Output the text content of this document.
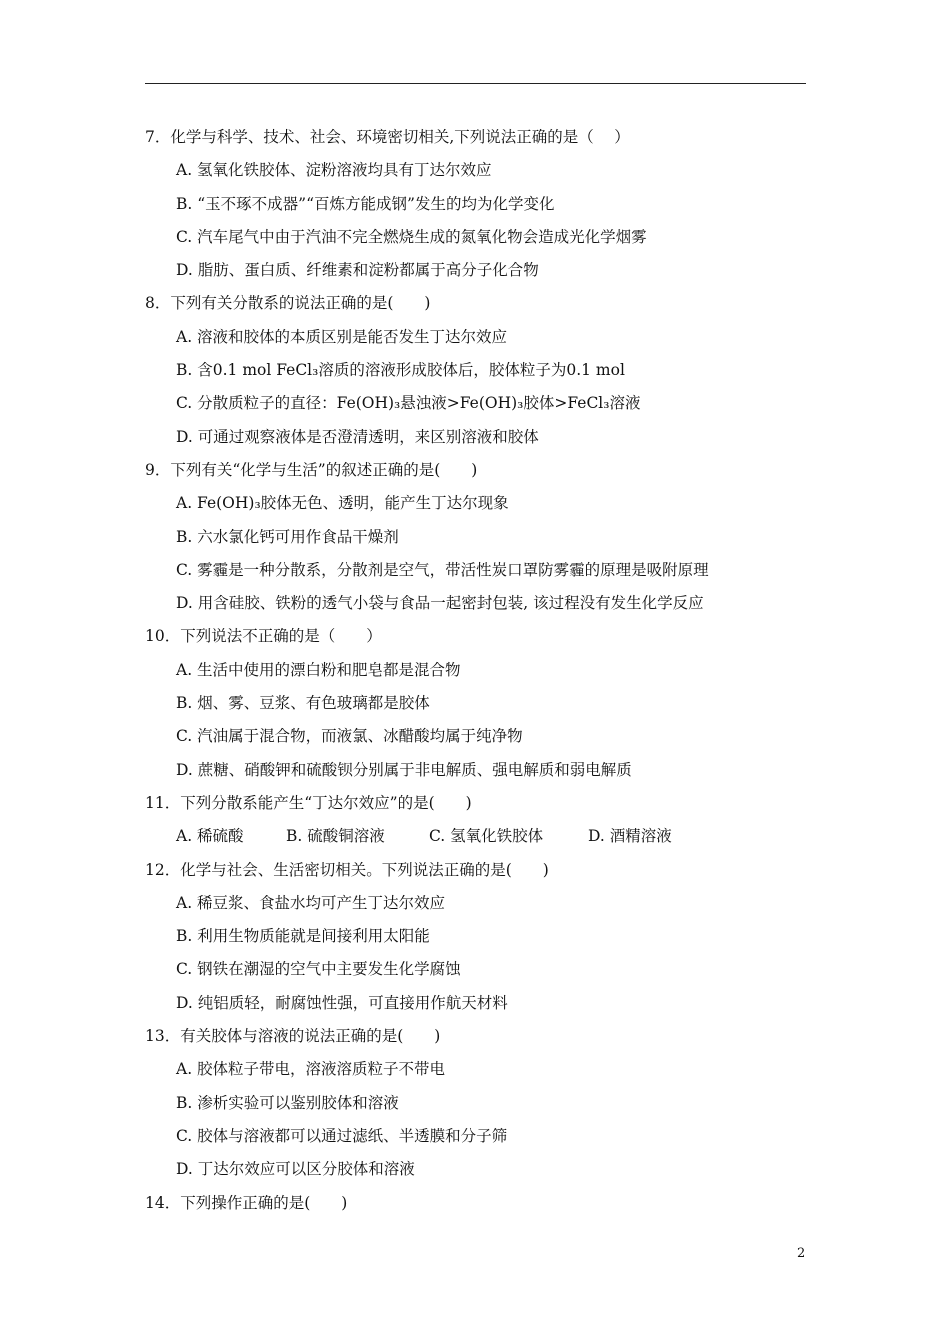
7．化学与科学、技术、社会、环境密切相关,下列说法正确的是（　 ）
A. 氢氧化铁胶体、淀粉溶液均具有丁达尔效应
B. “玉不琢不成器”“百炼方能成钢”发生的均为化学变化
C. 汽车尾气中由于汽油不完全燃烧生成的氮氧化物会造成光化学烟雾
D. 脂肪、蛋白质、纤维素和淀粉都属于高分子化合物
8．下列有关分散系的说法正确的是(　　)
A. 溶液和胶体的本质区别是能否发生丁达尔效应
B. 含0.1 mol FeCl₃溶质的溶液形成胶体后，胶体粒子为0.1 mol
C. 分散质粒子的直径：Fe(OH)₃悬浊液>Fe(OH)₃胶体>FeCl₃溶液
D. 可通过观察液体是否澄清透明，来区别溶液和胶体
9．下列有关“化学与生活”的叙述正确的是(　　)
A. Fe(OH)₃胶体无色、透明，能产生丁达尔现象
B. 六水氯化钙可用作食品干燥剂
C. 雾霾是一种分散系，分散剂是空气，带活性炭口罩防雾霾的原理是吸附原理
D. 用含硅胶、铁粉的透气小袋与食品一起密封包装, 该过程没有发生化学反应
10．下列说法不正确的是（　　）
A. 生活中使用的漂白粉和肥皂都是混合物
B. 烟、雾、豆浆、有色玻璃都是胶体
C. 汽油属于混合物，而液氯、冰醋酸均属于纯净物
D. 蔗糖、硝酸钾和硫酸钡分别属于非电解质、强电解质和弱电解质
11．下列分散系能产生“丁达尔效应”的是(　　)
A. 稀硫酸	B. 硫酸铜溶液	C. 氢氧化铁胶体	D. 酒精溶液
12．化学与社会、生活密切相关。下列说法正确的是(　　)
A. 稀豆浆、食盐水均可产生丁达尔效应
B. 利用生物质能就是间接利用太阳能
C. 钢铁在潮湿的空气中主要发生化学腐蚀
D. 纯铝质轻，耐腐蚀性强，可直接用作航天材料
13．有关胶体与溶液的说法正确的是(　　)
A. 胶体粒子带电，溶液溶质粒子不带电
B. 渗析实验可以鉴别胶体和溶液
C. 胶体与溶液都可以通过滤纸、半透膜和分子筛
D. 丁达尔效应可以区分胶体和溶液
14．下列操作正确的是(　　)
2
